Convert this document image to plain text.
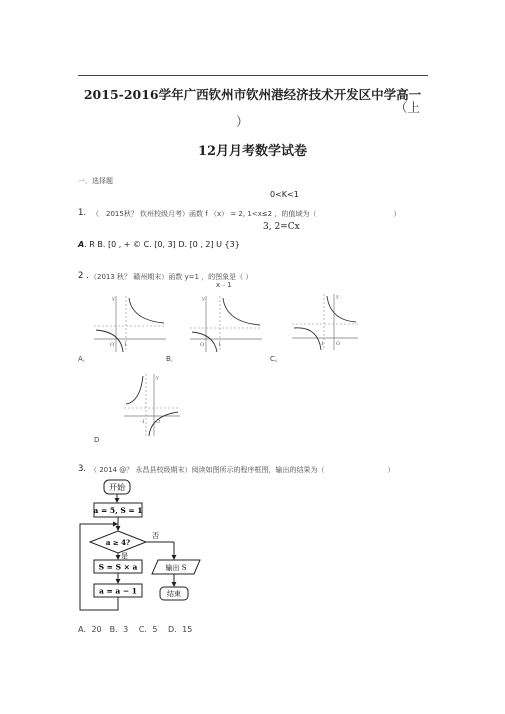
2015-2016学年广西钦州市钦州港经济技术开发区中学高一
（上
）
12月月考数学试卷
一．选择题
0<K<1
1. （　2015秋？ 钦州校级月考）函数 f （x） = 2, 1<x≤2 ，的值域为（　　　　　　　　　　　）
3, 2=Cx
A. R B. [0 , + © C. [0, 3] D. [0 , 2] U {3}
2 . （2013 秋？ 赣州期末）函数 y=1 ，的图象是（ ）
x﹣1
O 1
y
O	1
y
-1 O
y
A．	B．	C。
-1 O
y
D
3. （ 2014 @？ 永昌县校级期末）阅读如图所示的程序框图，输出的结果为（　　　　　　　　　）
开始
a = 5, S = 1
a ≥ 4?
否
输出 S
结束
是
S = S × a
a = a − 1
A．20　B．3　 C．5　 D．15
